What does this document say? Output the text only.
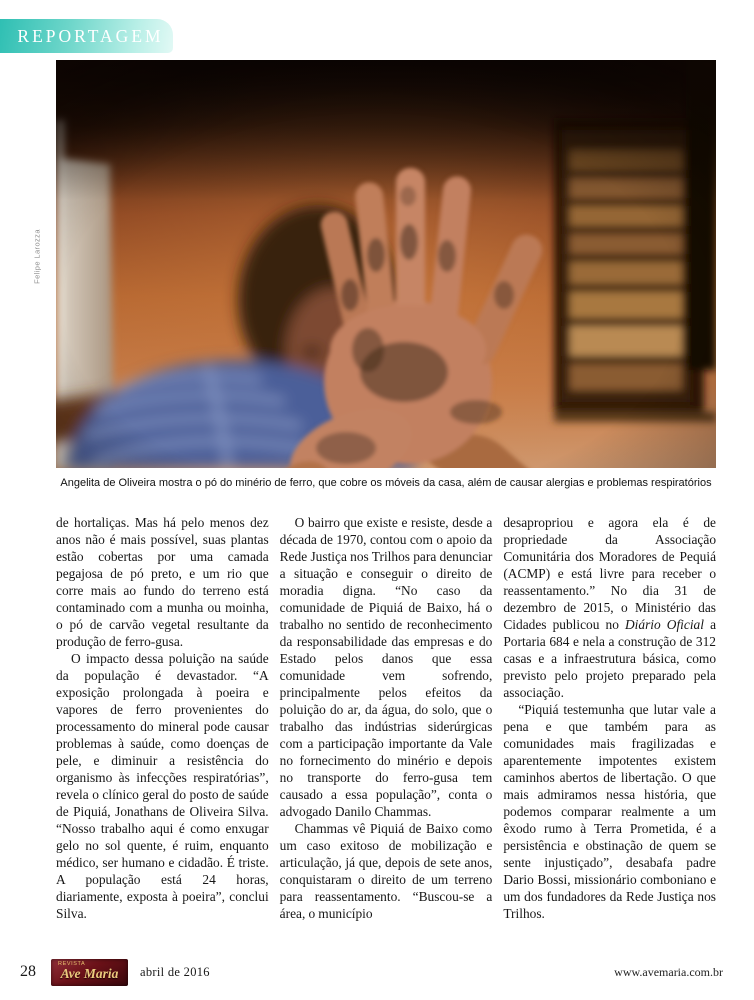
REPORTAGEM
Felipe Larozza
Angelita de Oliveira mostra o pó do minério de ferro, que cobre os móveis da casa, além de causar alergias e problemas respiratórios

de hortaliças. Mas há pelo menos dez anos não é mais possível, suas plantas estão cobertas por uma camada pegajosa de pó preto, e um rio que corre mais ao fundo do terreno está contaminado com a munha ou moinha, o pó de carvão vegetal resultante da produção de ferro-gusa.

O impacto dessa poluição na saúde da população é devastador. “A exposição prolongada à poeira e vapores de ferro provenientes do processamento do mineral pode causar problemas à saúde, como doenças de pele, e diminuir a resistência do organismo às infecções respiratórias”, revela o clínico geral do posto de saúde de Piquiá, Jonathans de Oliveira Silva. “Nosso trabalho aqui é como enxugar gelo no sol quente, é ruim, enquanto médico, ser humano e cidadão. É triste. A população está 24 horas, diariamente, exposta à poeira”, conclui Silva.

O bairro que existe e resiste, desde a década de 1970, contou com o apoio da Rede Justiça nos Trilhos para denunciar a situação e conseguir o direito de moradia digna. “No caso da comunidade de Piquiá de Baixo, há o trabalho no sentido de reconhecimento da responsabilidade das empresas e do Estado pelos danos que essa comunidade vem sofrendo, principalmente pelos efeitos da poluição do ar, da água, do solo, que o trabalho das indústrias siderúrgicas com a participação importante da Vale no fornecimento do minério e depois no transporte do ferro-gusa tem causado a essa população”, conta o advogado Danilo Chammas.

Chammas vê Piquiá de Baixo como um caso exitoso de mobilização e articulação, já que, depois de sete anos, conquistaram o direito de um terreno para reassentamento. “Buscou-se a área, o município

desapropriou e agora ela é de propriedade da Associação Comunitária dos Moradores de Pequiá (ACMP) e está livre para receber o reassentamento.” No dia 31 de dezembro de 2015, o Ministério das Cidades publicou no Diário Oficial a Portaria 684 e nela a construção de 312 casas e a infraestrutura básica, como previsto pelo projeto preparado pela associação.

“Piquiá testemunha que lutar vale a pena e que também para as comunidades mais fragilizadas e aparentemente impotentes existem caminhos abertos de libertação. O que mais admiramos nessa história, que podemos comparar realmente a um êxodo rumo à Terra Prometida, é a persistência e obstinação de quem se sente injustiçado”, desabafa padre Dario Bossi, missionário comboniano e um dos fundadores da Rede Justiça nos Trilhos.

28	REVISTA
Ave Maria abril de 2016	www.avemaria.com.br
